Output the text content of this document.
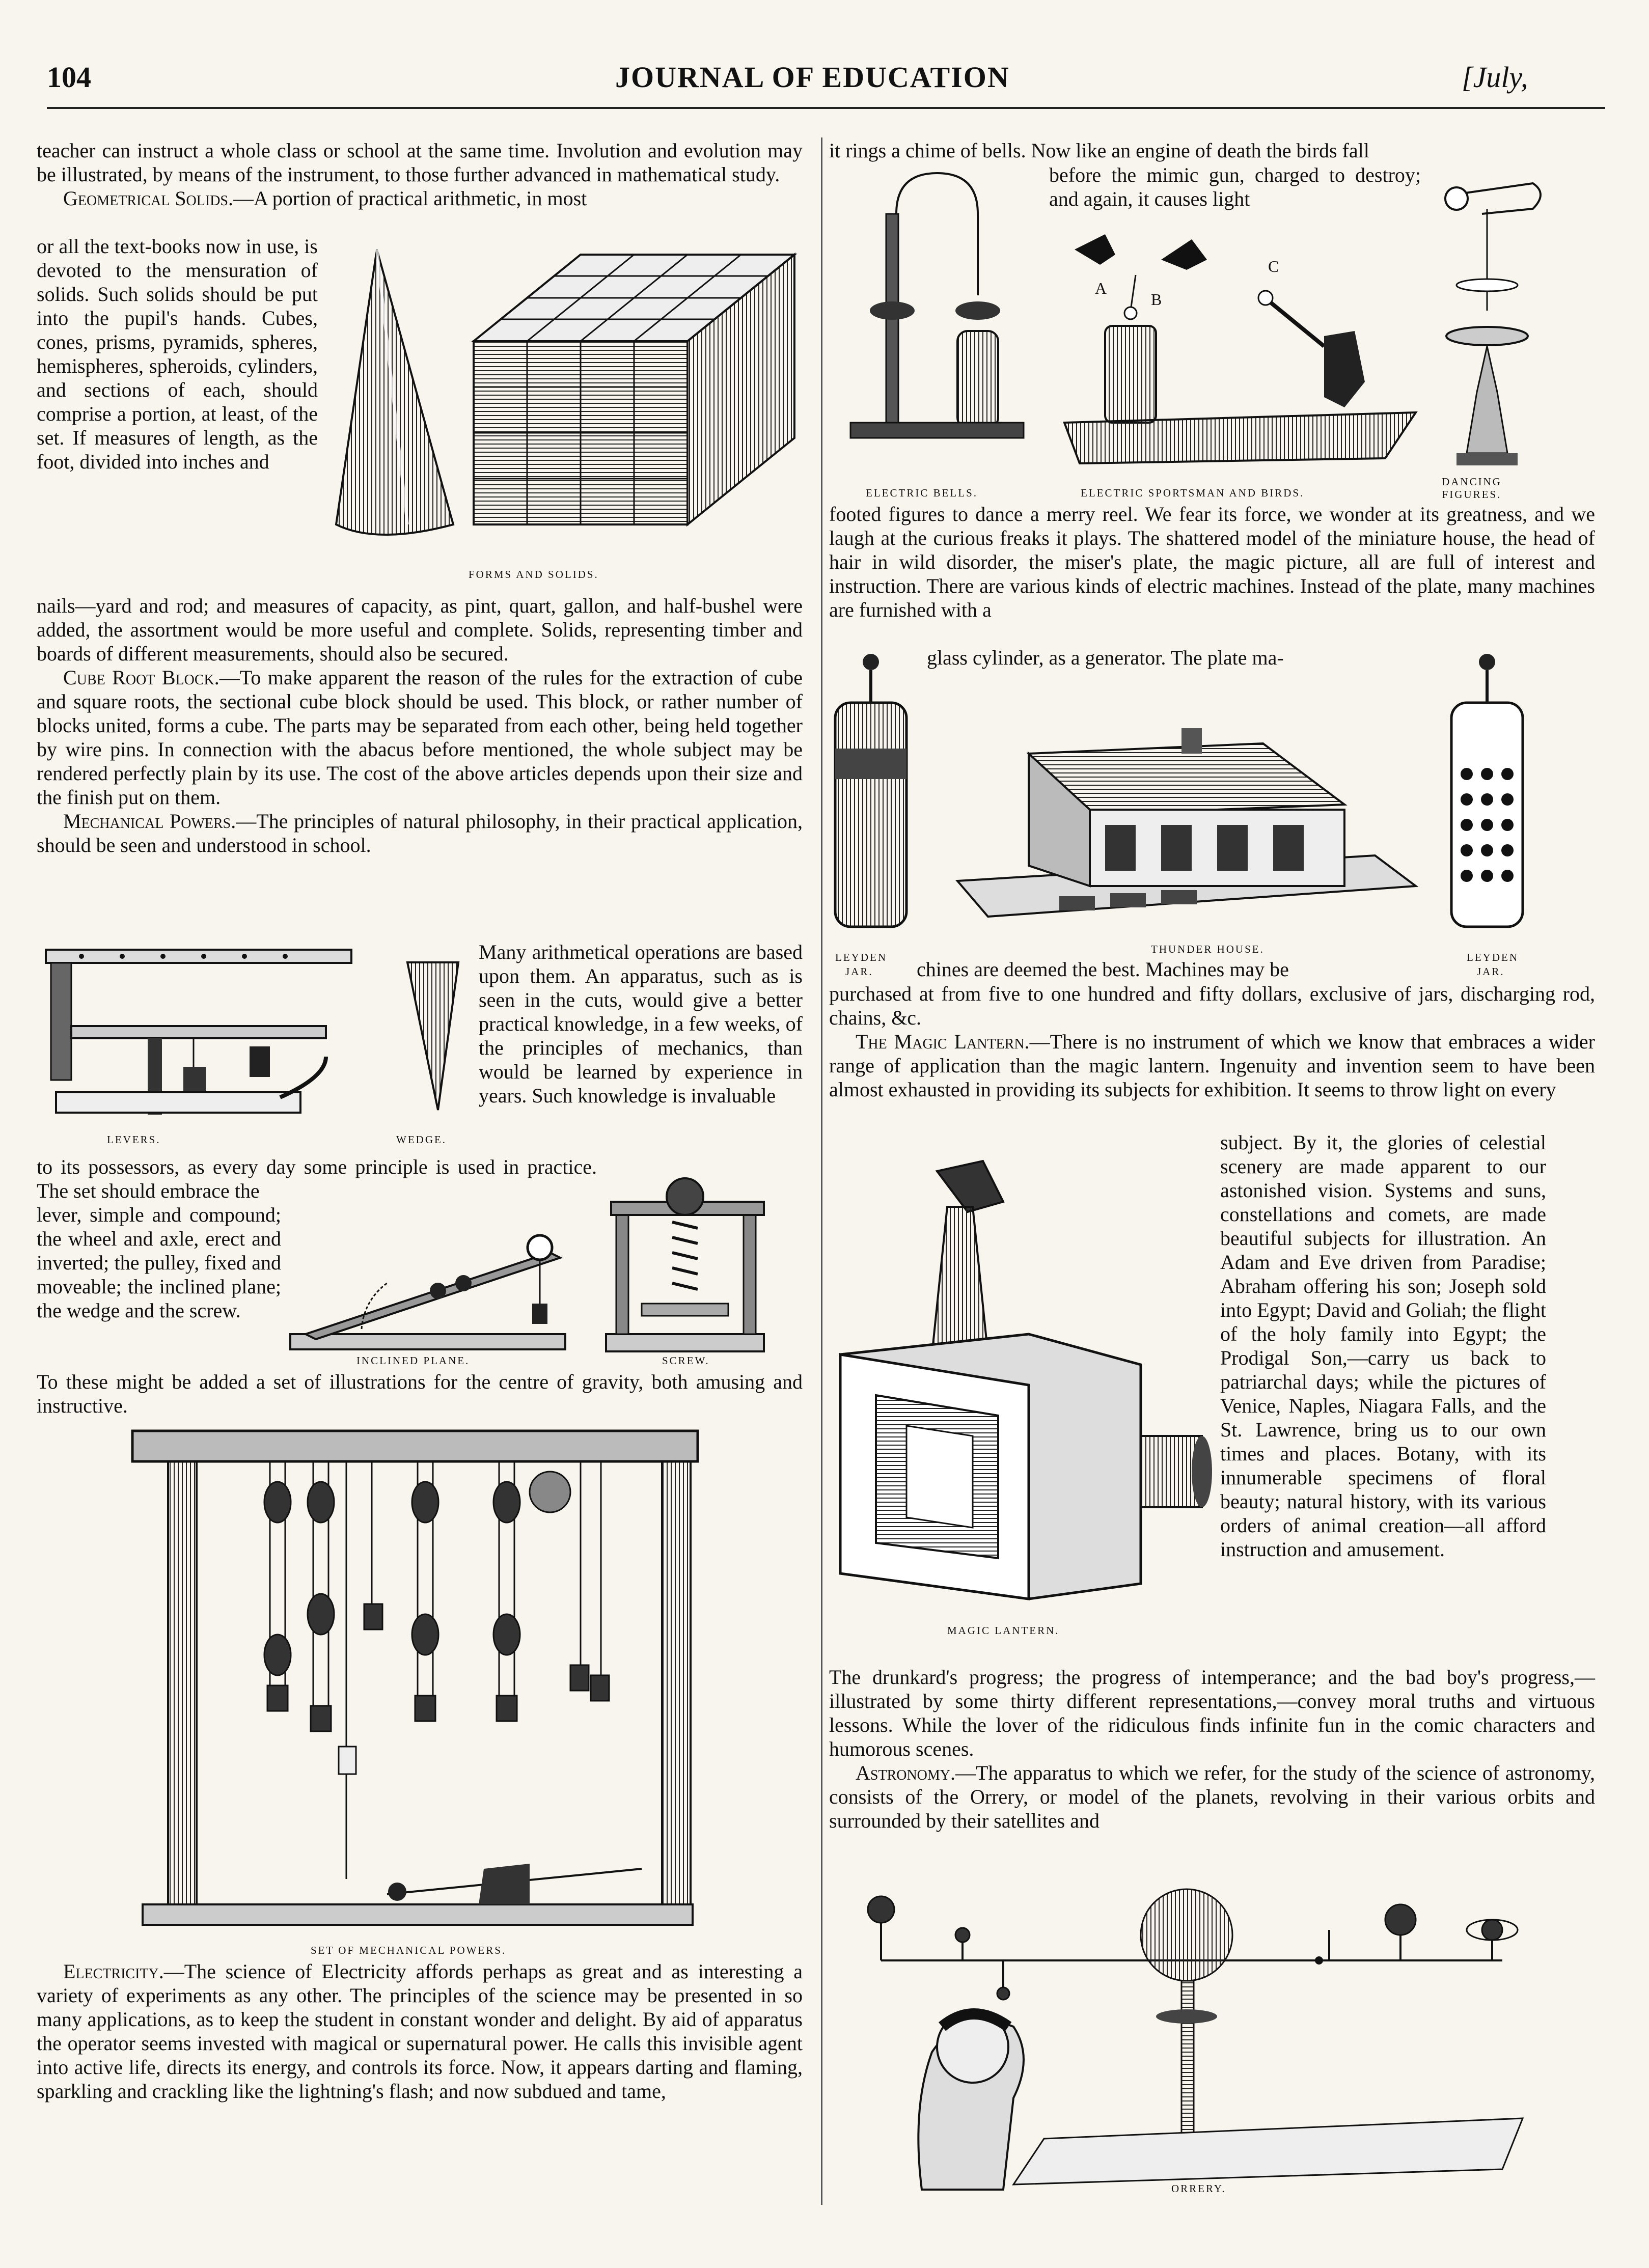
104	JOURNAL OF EDUCATION	[July,

teacher can instruct a whole class or school at the same time. Involution and evolution may be illustrated, by means of the instrument, to those further advanced in mathematical study.

Geometrical Solids.—A portion of practical arithmetic, in most

or all the text-books now in use, is devoted to the mensuration of solids. Such solids should be put into the pupil's hands. Cubes, cones, prisms, pyramids, spheres, hemispheres, spheroids, cylinders, and sections of each, should comprise a portion, at least, of the set. If measures of length, as the foot, divided into inches and

FORMS AND SOLIDS.

nails—yard and rod; and measures of capacity, as pint, quart, gallon, and half-bushel were added, the assortment would be more useful and complete. Solids, representing timber and boards of different measurements, should also be secured.

Cube Root Block.—To make apparent the reason of the rules for the extraction of cube and square roots, the sectional cube block should be used. This block, or rather number of blocks united, forms a cube. The parts may be separated from each other, being held together by wire pins. In connection with the abacus before mentioned, the whole subject may be rendered perfectly plain by its use. The cost of the above articles depends upon their size and the finish put on them.

Mechanical Powers.—The principles of natural philosophy, in their practical application, should be seen and understood in school.

LEVERS.	WEDGE.

Many arithmetical operations are based upon them. An apparatus, such as is seen in the cuts, would give a better practical knowledge, in a few weeks, of the principles of mechanics, than would be learned by experience in years. Such knowledge is invaluable

to its possessors, as every day some principle is used in practice. The set should embrace the

lever, simple and compound; the wheel and axle, erect and inverted; the pulley, fixed and moveable; the inclined plane; the wedge and the screw.

INCLINED PLANE.	SCREW.

To these might be added a set of illustrations for the centre of gravity, both amusing and instructive.

SET OF MECHANICAL POWERS.

Electricity.—The science of Electricity affords perhaps as great and as interesting a variety of experiments as any other. The principles of the science may be presented in so many applications, as to keep the student in constant wonder and delight. By aid of apparatus the operator seems invested with magical or supernatural power. He calls this invisible agent into active life, directs its energy, and controls its force. Now, it appears darting and flaming, sparkling and crackling like the lightning's flash; and now subdued and tame,

it rings a chime of bells. Now like an engine of death the birds fall

before the mimic gun, charged to destroy; and again, it causes light

A
B
C
ELECTRIC BELLS.	ELECTRIC SPORTSMAN AND BIRDS.
DANCING FIGURES.

footed figures to dance a merry reel. We fear its force, we wonder at its greatness, and we laugh at the curious freaks it plays. The shattered model of the miniature house, the head of hair in wild disorder, the miser's plate, the magic picture, all are full of interest and instruction. There are various kinds of electric machines. Instead of the plate, many machines are furnished with a

glass cylinder, as a generator. The plate ma-

LEYDEN
JAR.
THUNDER HOUSE.
LEYDEN
JAR.

chines are deemed the best. Machines may be

purchased at from five to one hundred and fifty dollars, exclusive of jars, discharging rod, chains, &c.

The Magic Lantern.—There is no instrument of which we know that embraces a wider range of application than the magic lantern. Ingenuity and invention seem to have been almost exhausted in providing its subjects for exhibition. It seems to throw light on every

MAGIC LANTERN.

subject. By it, the glories of celestial scenery are made apparent to our astonished vision. Systems and suns, constellations and comets, are made beautiful subjects for illustration. An Adam and Eve driven from Paradise; Abraham offering his son; Joseph sold into Egypt; David and Goliah; the flight of the holy family into Egypt; the Prodigal Son,—carry us back to patriarchal days; while the pictures of Venice, Naples, Niagara Falls, and the St. Lawrence, bring us to our own times and places. Botany, with its innumerable specimens of floral beauty; natural history, with its various orders of animal creation—all afford instruction and amusement.

The drunkard's progress; the progress of intemperance; and the bad boy's progress,—illustrated by some thirty different representations,—convey moral truths and virtuous lessons. While the lover of the ridiculous finds infinite fun in the comic characters and humorous scenes.

Astronomy.—The apparatus to which we refer, for the study of the science of astronomy, consists of the Orrery, or model of the planets, revolving in their various orbits and surrounded by their satellites and

ORRERY.
